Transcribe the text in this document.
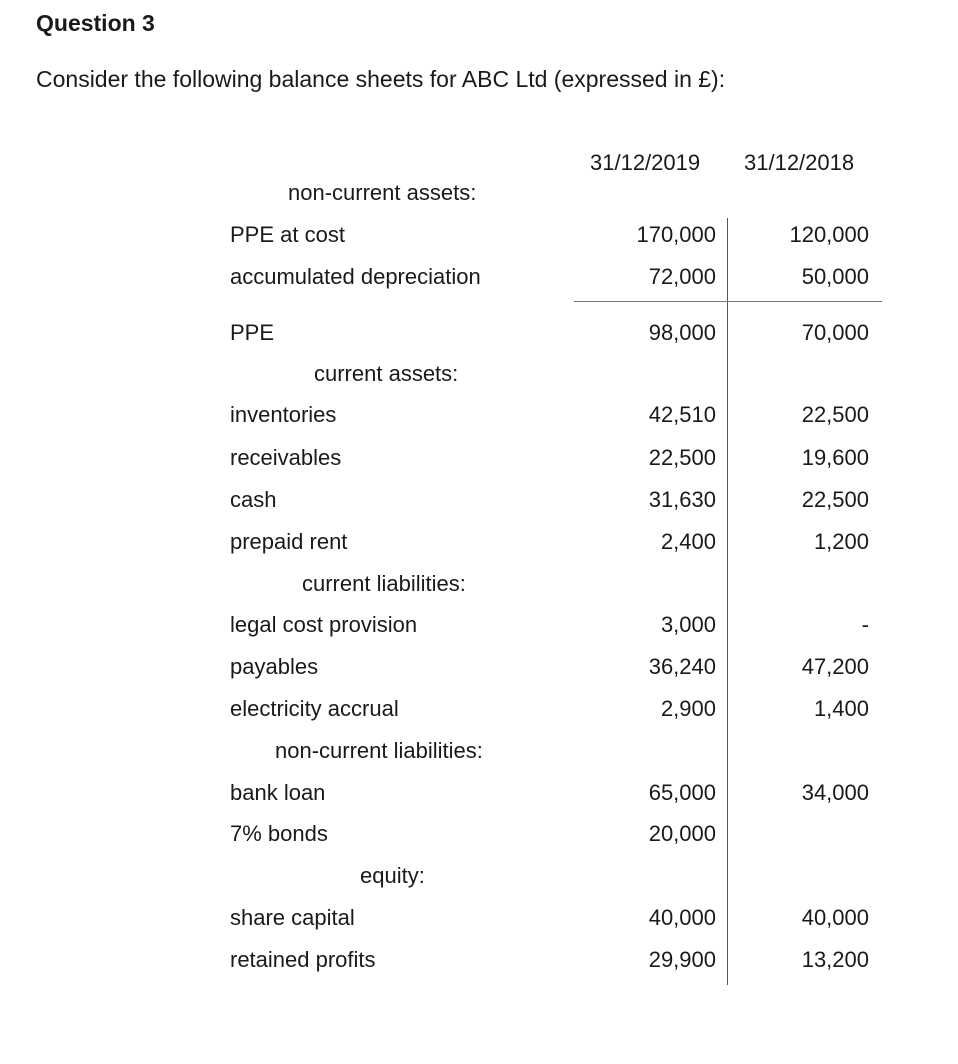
Question 3
Consider the following balance sheets for ABC Ltd (expressed in £):
31/12/2019 31/12/2018
non-current assets:
PPE at cost	170,000	120,000
accumulated depreciation	72,000	50,000
PPE	98,000	70,000
current assets:
inventories	42,510	22,500
receivables	22,500	19,600
cash	31,630	22,500
prepaid rent	2,400	1,200
current liabilities:
legal cost provision	3,000	-
payables	36,240	47,200
electricity accrual	2,900	1,400
non-current liabilities:
bank loan	65,000	34,000
7% bonds	20,000
equity:
share capital	40,000	40,000
retained profits	29,900	13,200
